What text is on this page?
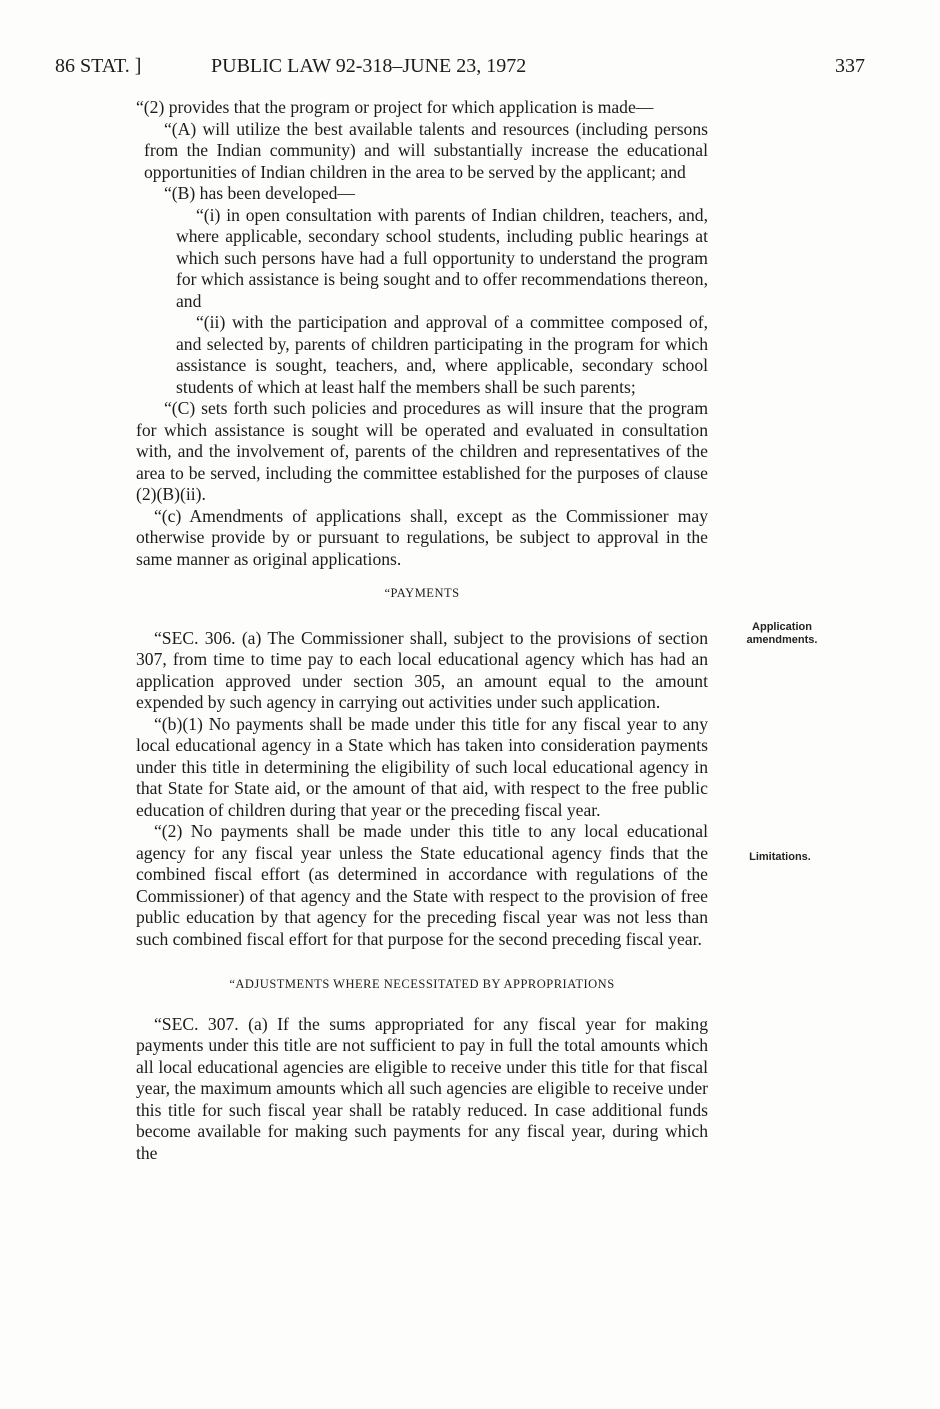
86 STAT. ]	PUBLIC LAW 92-318–JUNE 23, 1972	337

“(2) provides that the program or project for which application is made—

“(A) will utilize the best available talents and resources (including persons from the Indian community) and will substantially increase the educational opportunities of Indian children in the area to be served by the applicant; and

“(B) has been developed—

“(i) in open consultation with parents of Indian children, teachers, and, where applicable, secondary school students, including public hearings at which such persons have had a full opportunity to understand the program for which assistance is being sought and to offer recommendations thereon, and

“(ii) with the participation and approval of a committee composed of, and selected by, parents of children participating in the program for which assistance is sought, teachers, and, where applicable, secondary school students of which at least half the members shall be such parents;

“(C) sets forth such policies and procedures as will insure that the program for which assistance is sought will be operated and evaluated in consultation with, and the involvement of, parents of the children and representatives of the area to be served, including the committee established for the purposes of clause (2)(B)(ii).

“(c) Amendments of applications shall, except as the Commissioner may otherwise provide by or pursuant to regulations, be subject to approval in the same manner as original applications.

“PAYMENTS

“SEC. 306. (a) The Commissioner shall, subject to the provisions of section 307, from time to time pay to each local educational agency which has had an application approved under section 305, an amount equal to the amount expended by such agency in carrying out activities under such application.

“(b)(1) No payments shall be made under this title for any fiscal year to any local educational agency in a State which has taken into consideration payments under this title in determining the eligibility of such local educational agency in that State for State aid, or the amount of that aid, with respect to the free public education of children during that year or the preceding fiscal year.

“(2) No payments shall be made under this title to any local educational agency for any fiscal year unless the State educational agency finds that the combined fiscal effort (as determined in accordance with regulations of the Commissioner) of that agency and the State with respect to the provision of free public education by that agency for the preceding fiscal year was not less than such combined fiscal effort for that purpose for the second preceding fiscal year.

“ADJUSTMENTS WHERE NECESSITATED BY APPROPRIATIONS

“SEC. 307. (a) If the sums appropriated for any fiscal year for making payments under this title are not sufficient to pay in full the total amounts which all local educational agencies are eligible to receive under this title for that fiscal year, the maximum amounts which all such agencies are eligible to receive under this title for such fiscal year shall be ratably reduced. In case additional funds become available for making such payments for any fiscal year, during which the

Application
amendments.
Limitations.
